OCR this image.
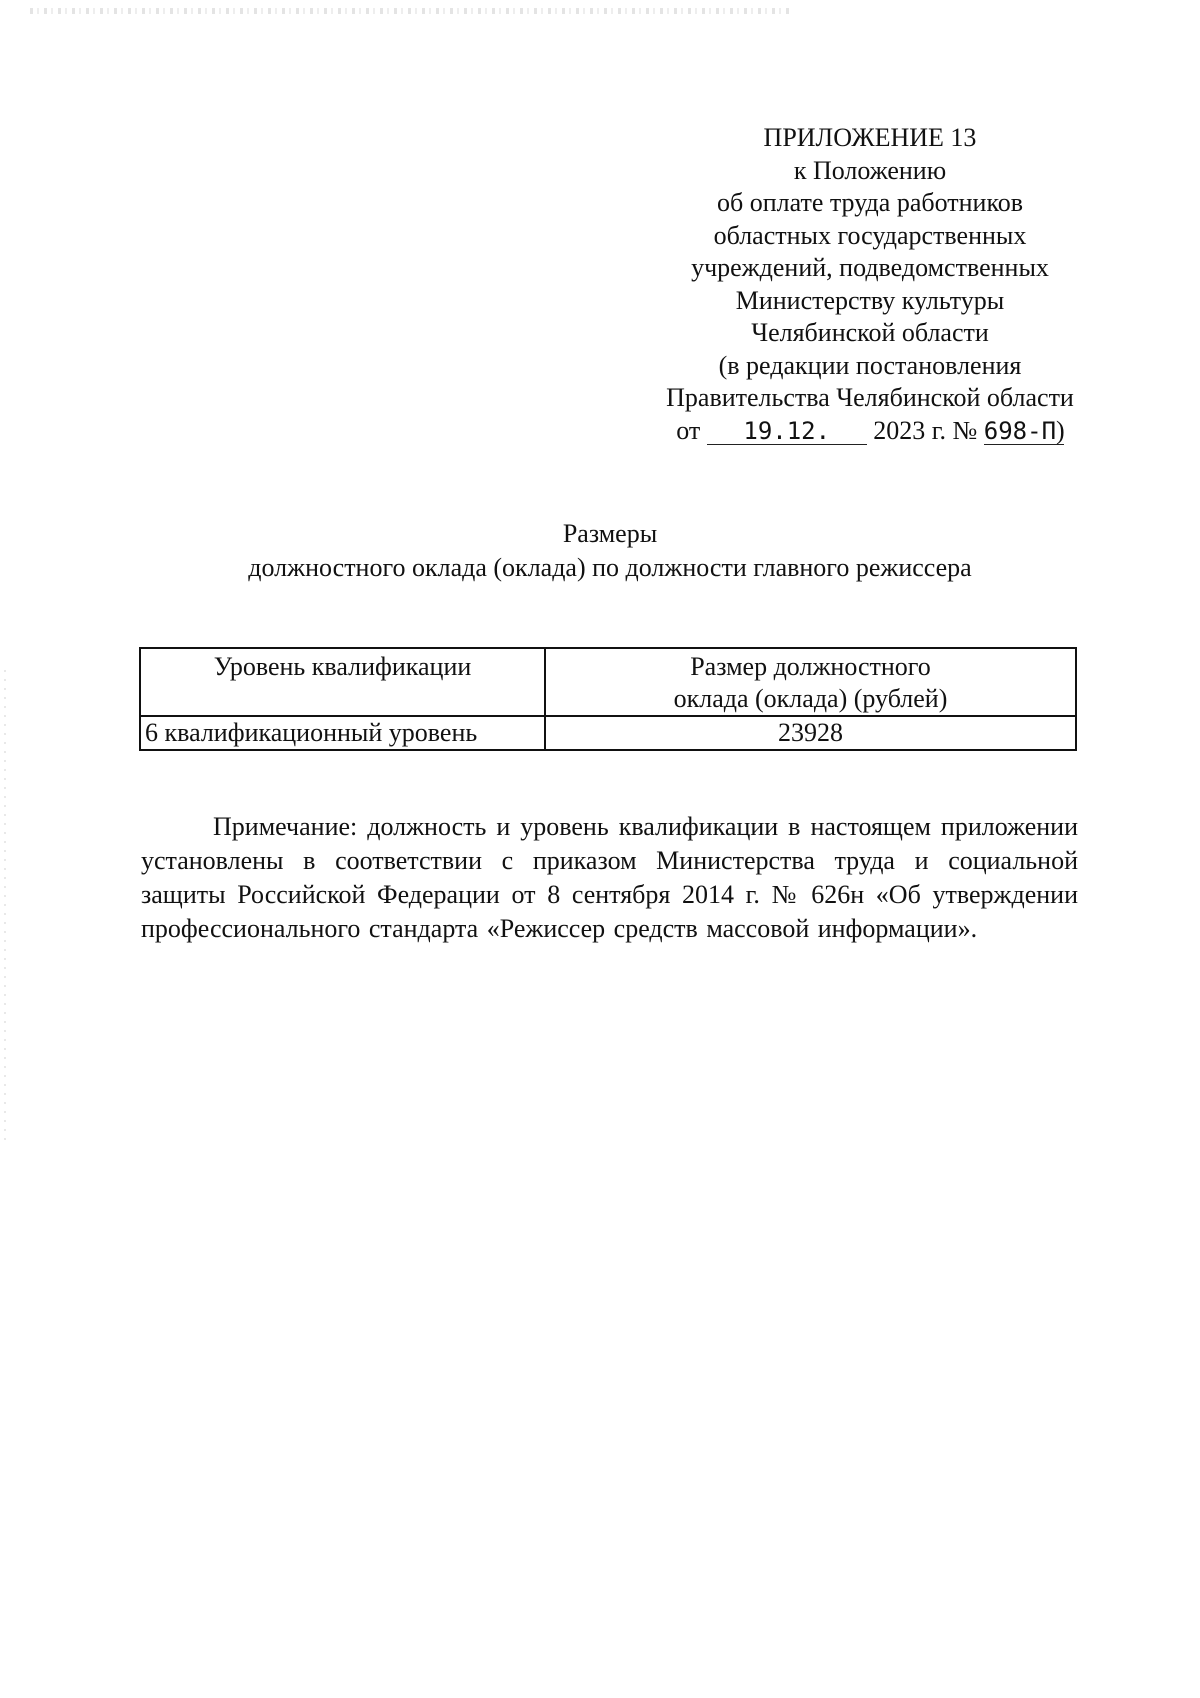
ПРИЛОЖЕНИЕ 13
к Положению
об оплате труда работников
областных государственных
учреждений, подведомственных
Министерству культуры
Челябинской области
(в редакции постановления
Правительства Челябинской области
от 19.12. 2023 г. № 698-П)
Размеры
должностного оклада (оклада) по должности главного режиссера
Уровень квалификации	Размер должностного
оклада (оклада) (рублей)

6 квалификационный уровень	23928

Примечание: должность и уровень квалификации в настоящем приложении установлены в соответствии с приказом Министерства труда и социальной защиты Российской Федерации от 8 сентября 2014 г. № 626н «Об утверждении профессионального стандарта «Режиссер средств массовой информации».
